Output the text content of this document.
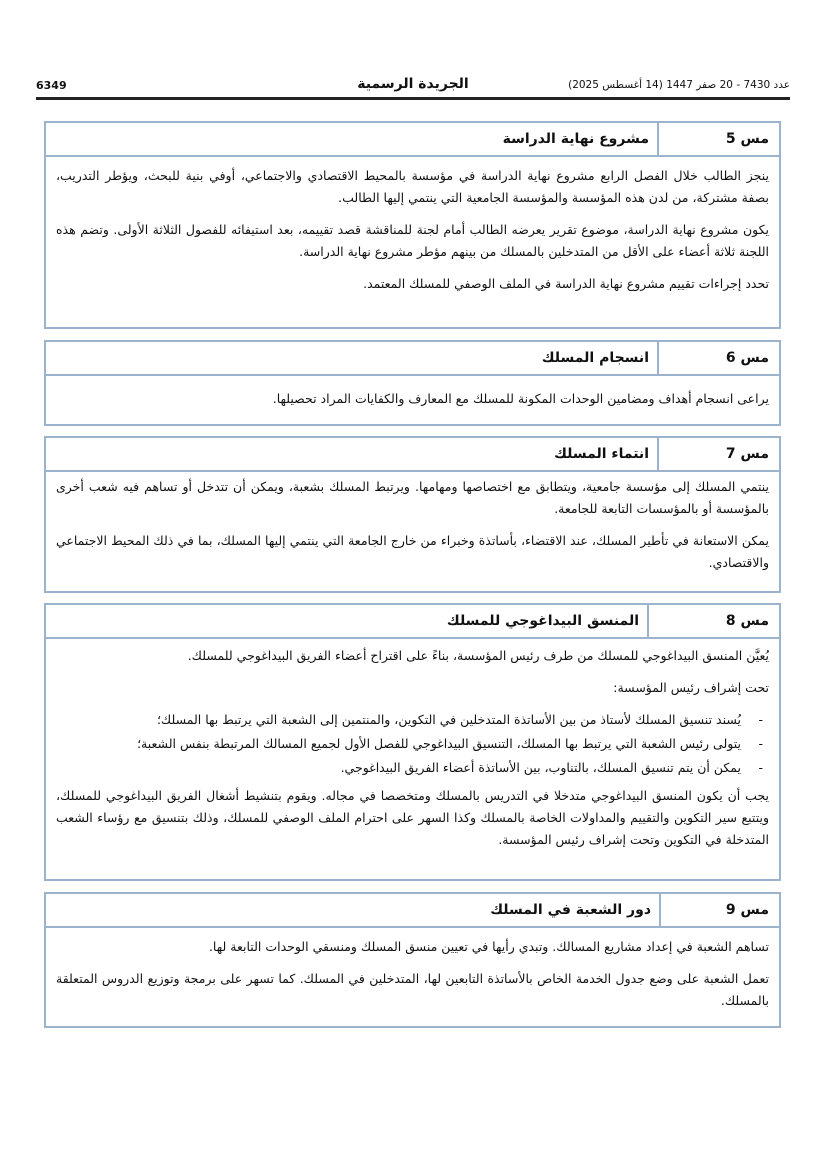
6349	الجريدة الرسمية	عدد 7430 - 20 صفر 1447 (14 أغسطس 2025)
مس 5
مشروع نهاية الدراسة

ينجز الطالب خلال الفصل الرابع مشروع نهاية الدراسة في مؤسسة بالمحيط الاقتصادي والاجتماعي، أوفي بنية للبحث، ويؤطر التدريب، بصفة مشتركة، من لدن هذه المؤسسة والمؤسسة الجامعية التي ينتمي إليها الطالب.

يكون مشروع نهاية الدراسة، موضوع تقرير يعرضه الطالب أمام لجنة للمناقشة قصد تقييمه، بعد استيفائه للفصول الثلاثة الأولى. وتضم هذه اللجنة ثلاثة أعضاء على الأقل من المتدخلين بالمسلك من بينهم مؤطر مشروع نهاية الدراسة.

تحدد إجراءات تقييم مشروع نهاية الدراسة في الملف الوصفي للمسلك المعتمد.

مس 6
انسجام المسلك

يراعى انسجام أهداف ومضامين الوحدات المكونة للمسلك مع المعارف والكفايات المراد تحصيلها.

مس 7
انتماء المسلك

ينتمي المسلك إلى مؤسسة جامعية، ويتطابق مع اختصاصها ومهامها. ويرتبط المسلك بشعبة، ويمكن أن تتدخل أو تساهم فيه شعب أخرى بالمؤسسة أو بالمؤسسات التابعة للجامعة.

يمكن الاستعانة في تأطير المسلك، عند الاقتضاء، بأساتذة وخبراء من خارج الجامعة التي ينتمي إليها المسلك، بما في ذلك المحيط الاجتماعي والاقتصادي.

مس 8
المنسق البيداغوجي للمسلك

يُعيَّن المنسق البيداغوجي للمسلك من طرف رئيس المؤسسة، بناءً على اقتراح أعضاء الفريق البيداغوجي للمسلك.

تحت إشراف رئيس المؤسسة:

- يُسند تنسيق المسلك لأستاذ من بين الأساتذة المتدخلين في التكوين، والمنتمين إلى الشعبة التي يرتبط بها المسلك؛
- يتولى رئيس الشعبة التي يرتبط بها المسلك، التنسيق البيداغوجي للفصل الأول لجميع المسالك المرتبطة بنفس الشعبة؛
- يمكن أن يتم تنسيق المسلك، بالتناوب، بين الأساتذة أعضاء الفريق البيداغوجي.

يجب أن يكون المنسق البيداغوجي متدخلا في التدريس بالمسلك ومتخصصا في مجاله. ويقوم بتنشيط أشغال الفريق البيداغوجي للمسلك، ويتتبع سير التكوين والتقييم والمداولات الخاصة بالمسلك وكذا السهر على احترام الملف الوصفي للمسلك، وذلك بتنسيق مع رؤساء الشعب المتدخلة في التكوين وتحت إشراف رئيس المؤسسة.

مس 9
دور الشعبة في المسلك

تساهم الشعبة في إعداد مشاريع المسالك. وتبدي رأيها في تعيين منسق المسلك ومنسقي الوحدات التابعة لها.

تعمل الشعبة على وضع جدول الخدمة الخاص بالأساتذة التابعين لها، المتدخلين في المسلك. كما تسهر على برمجة وتوزيع الدروس المتعلقة بالمسلك.
